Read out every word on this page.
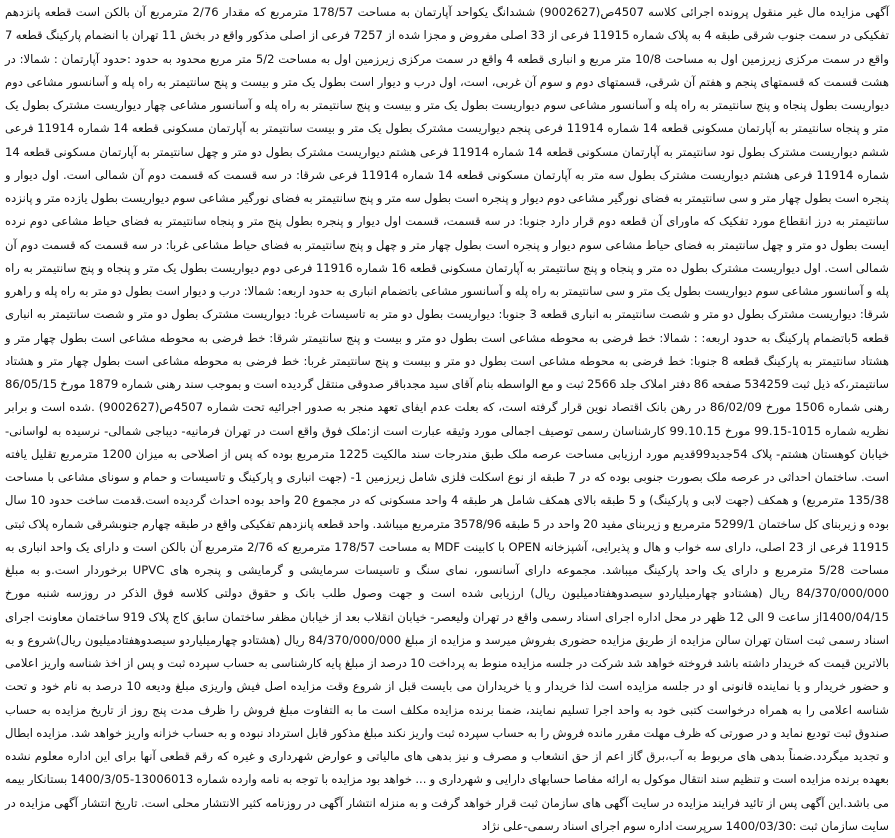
آگهی مزایده مال غیر منقول پرونده اجرائی کلاسه 4507ص(9002627) ششدانگ یکواحد آپارتمان به مساحت 178/57 مترمربع که مقدار 2/76 مترمربع آن بالکن است قطعه پانزدهم تفکیکی در سمت جنوب شرقی طبقه 4 به پلاک شماره 11915 فرعی از 33 اصلی مفروض و مجزا شده از 7257 فرعی از اصلی مذکور واقع در بخش 11 تهران با انضمام پارکینگ قطعه 7 واقع در سمت مرکزی زیرزمین اول به مساحت 10/8 متر مربع و انباری قطعه 4 واقع در سمت مرکزی زیرزمین اول به مساحت 5/2 متر مربع محدود به حدود :حدود آپارتمان : شمالا: در هشت قسمت که قسمتهای پنجم و هفتم آن شرقی، قسمتهای دوم و سوم آن غربی، است، اول درب و دیوار است بطول یک متر و بیست و پنج سانتیمتر به راه پله و آسانسور مشاعی دوم دیواریست بطول پنجاه و پنج سانتیمتر به راه پله و آسانسور مشاعی سوم دیواریست بطول یک متر و بیست و پنج سانتیمتر به راه پله و آسانسور مشاعی چهار دیواریست مشترک بطول یک متر و پنجاه سانتیمتر به آپارتمان مسکونی قطعه 14 شماره 11914 فرعی پنجم دیواریست مشترک بطول یک متر و بیست سانتیمتر به آپارتمان مسکونی قطعه 14 شماره 11914 فرعی ششم دیواریست مشترک بطول نود سانتیمتر به آپارتمان مسکونی قطعه 14 شماره 11914 فرعی هشتم دیواریست مشترک بطول دو متر و چهل سانتیمتر به آپارتمان مسکونی قطعه 14 شماره 11914 فرعی هشتم دیواریست مشترک بطول سه متر به آپارتمان مسکونی قطعه 14 شماره 11914 فرعی شرقا: در سه قسمت که قسمت دوم آن شمالی است. اول دیوار و پنجره است بطول چهار متر و سی سانتیمتر به فضای نورگیر مشاعی دوم دیوار و پنجره است بطول سه متر و پنج سانتیمتر به فضای نورگیر مشاعی سوم دیواریست بطول یازده متر و پانزده سانتیمتر به درز انقطاع مورد تفکیک که ماورای آن قطعه دوم قرار دارد جنوبا: در سه قسمت، قسمت اول دیوار و پنجره بطول پنج متر و پنجاه سانتیمتر به فضای حیاط مشاعی دوم نرده ایست بطول دو متر و چهل سانتیمتر به فضای حیاط مشاعی سوم دیوار و پنجره است بطول چهار متر و چهل و پنج سانتیمتر به فضای حیاط مشاعی غربا: در سه قسمت که قسمت دوم آن شمالی است. اول دیواریست مشترک بطول ده متر و پنجاه و پنج سانتیمتر به آپارتمان مسکونی قطعه 16 شماره 11916 فرعی دوم دیواریست بطول یک متر و پنجاه و پنج سانتیمتر به راه پله و آسانسور مشاعی سوم دیواریست بطول یک متر و سی سانتیمتر به راه پله و آسانسور مشاعی باتضمام انباری به حدود اربعه: شمالا: درب و دیوار است بطول دو متر به راه پله و راهرو شرقا: دیواریست مشترک بطول دو متر و شصت سانتیمتر به انباری قطعه 3 جنوبا: دیواریست بطول دو متر به تاسیسات غربا: دیواریست مشترک بطول دو متر و شصت سانتیمتر به انباری قطعه 5باتضمام پارکینگ به حدود اربعه: : شمالا: خط فرضی به محوطه مشاعی است بطول دو متر و بیست و پنج سانتیمتر شرقا: خط فرضی به محوطه مشاعی است بطول چهار متر و هشتاد سانتیمتر به پارکینگ قطعه 8 جنوبا: خط فرضی به محوطه مشاعی است بطول دو متر و بیست و پنج سانتیمتر غربا: خط فرضی به محوطه مشاعی است بطول چهار متر و هشتاد سانتیمتر،که ذیل ثبت 534259 صفحه 86 دفتر املاک جلد 2566 ثبت و مع الواسطه بنام آقای سید مجدباقر صدوقی منتقل گردیده است و بموجب سند رهنی شماره 1879 مورخ 86/05/15 رهنی شماره 1506 مورخ 86/02/09 در رهن بانک اقتصاد نوین قرار گرفته است، که بعلت عدم ایفای تعهد منجر به صدور اجرائیه تحت شماره 4507ص(9002627) .شده است و برابر نظریه شماره 1015-99.15 مورخ 99.10.15 کارشناسان رسمی توصیف اجمالی مورد وثیقه عبارت است از:ملک فوق واقع است در تهران فرمانیه- دیباجی شمالی- نرسیده به لواسانی- خیابان کوهستان هشتم- پلاک 54جدید99قدیم مورد ارزیابی مساحت عرصه ملک طبق مندرجات سند مالکیت 1225 مترمربع بوده که پس از اصلاحی به میزان 1200 مترمربع تقلیل یافته است. ساختمان احداثی در عرصه ملک بصورت جنوبی بوده که در 7 طبقه از نوع اسکلت فلزی شامل زیرزمین 1- (جهت انباری و پارکینگ و تاسیسات و حمام و سونای مشاعی با مساحت 135/38 مترمربع) و همکف (جهت لابی و پارکینگ) و 5 طبقه بالای همکف شامل هر طبقه 4 واحد مسکونی که در مجموع 20 واحد بوده احداث گردیده است.قدمت ساخت حدود 10 سال بوده و زیربنای کل ساختمان 5299/1 مترمربع و زیربنای مفید 20 واحد در 5 طبقه 3578/96 مترمربع میباشد. واحد قطعه پانزدهم تفکیکی واقع در طبقه چهارم جنوبشرقی شماره پلاک ثبتی 11915 فرعی از 23 اصلی، دارای سه خواب و هال و پذیرایی، آشپزخانه OPEN با کابینت MDF به مساحت 178/57 مترمربع که 2/76 مترمربع آن بالکن است و دارای یک واحد انباری به مساحت 5/28 مترمربع و دارای یک واحد پارکینگ میباشد. مجموعه دارای آسانسور، نمای سنگ و تاسیسات سرمایشی و گرمایشی و پنجره های UPVC برخوردار است.و به مبلغ 84/370/000/000 ریال (هشتادو چهارمیلیاردو سیصدوهفتادمیلیون ریال) ارزیابی شده است و جهت وصول طلب بانک و حقوق دولتی کلاسه فوق الذکر در روزسه شنبه مورخ 1400/04/15از ساعت 9 الی 12 ظهر در محل اداره اجرای اسناد رسمی واقع در تهران ولیعصر- خیابان انقلاب بعد از خیابان مظفر ساختمان سابق کاج پلاک 919 ساختمان معاونت اجرای اسناد رسمی ثبت استان تهران سالن مزایده از طریق مزایده حضوری بفروش میرسد و مزایده از مبلغ 84/370/000/000 ریال (هشتادو چهارمیلیاردو سیصدوهفتادمیلیون ریال)شروع و به بالاترین قیمت که خریدار داشته باشد فروخته خواهد شد شرکت در جلسه مزایده منوط به پرداخت 10 درصد از مبلغ پایه کارشناسی به حساب سپرده ثبت و پس از اخذ شناسه واریز اعلامی و حضور خریدار و یا نماینده قانونی او در جلسه مزایده است لذا خریدار و یا خریداران می بایست قبل از شروع وقت مزایده اصل فیش واریزی مبلغ ودیعه 10 درصد به نام خود و تحت شناسه اعلامی را به همراه درخواست کتبی خود به واحد اجرا تسلیم نمایند، ضمنا برنده مزایده مکلف است ما به التفاوت مبلغ فروش را ظرف مدت پنج روز از تاریخ مزایده به حساب صندوق ثبت تودیع نماید و در صورتی که ظرف مهلت مقرر مانده فروش را به حساب سپرده ثبت واریز نکند مبلغ مذکور قابل استرداد نبوده و به حساب خزانه واریز خواهد شد. مزایده ابطال و تجدید میگردد.ضمناً بدهی های مربوط به آب،برق گاز اعم از حق انشعاب و مصرف و نیز بدهی های مالیاتی و عوارض شهرداری و غیره که رقم قطعی آنها برای این اداره معلوم نشده بعهده برنده مزایده است و تنظیم سند انتقال موکول به ارائه مفاصا حسابهای دارایی و شهرداری و ... خواهد بود مزایده با توجه به نامه وارده شماره 13006013-1400/3/05 بستانکار بیمه می باشد.این آگهی پس از تائید فرایند مزایده در سایت آگهی های سازمان ثبت قرار خواهد گرفت و به منزله انتشار آگهی در روزنامه کثیر الانتشار محلی است. تاریخ انتشار آگهی مزایده در سایت سازمان ثبت :1400/03/30 سرپرست اداره سوم اجرای اسناد رسمی-علی نژاد
